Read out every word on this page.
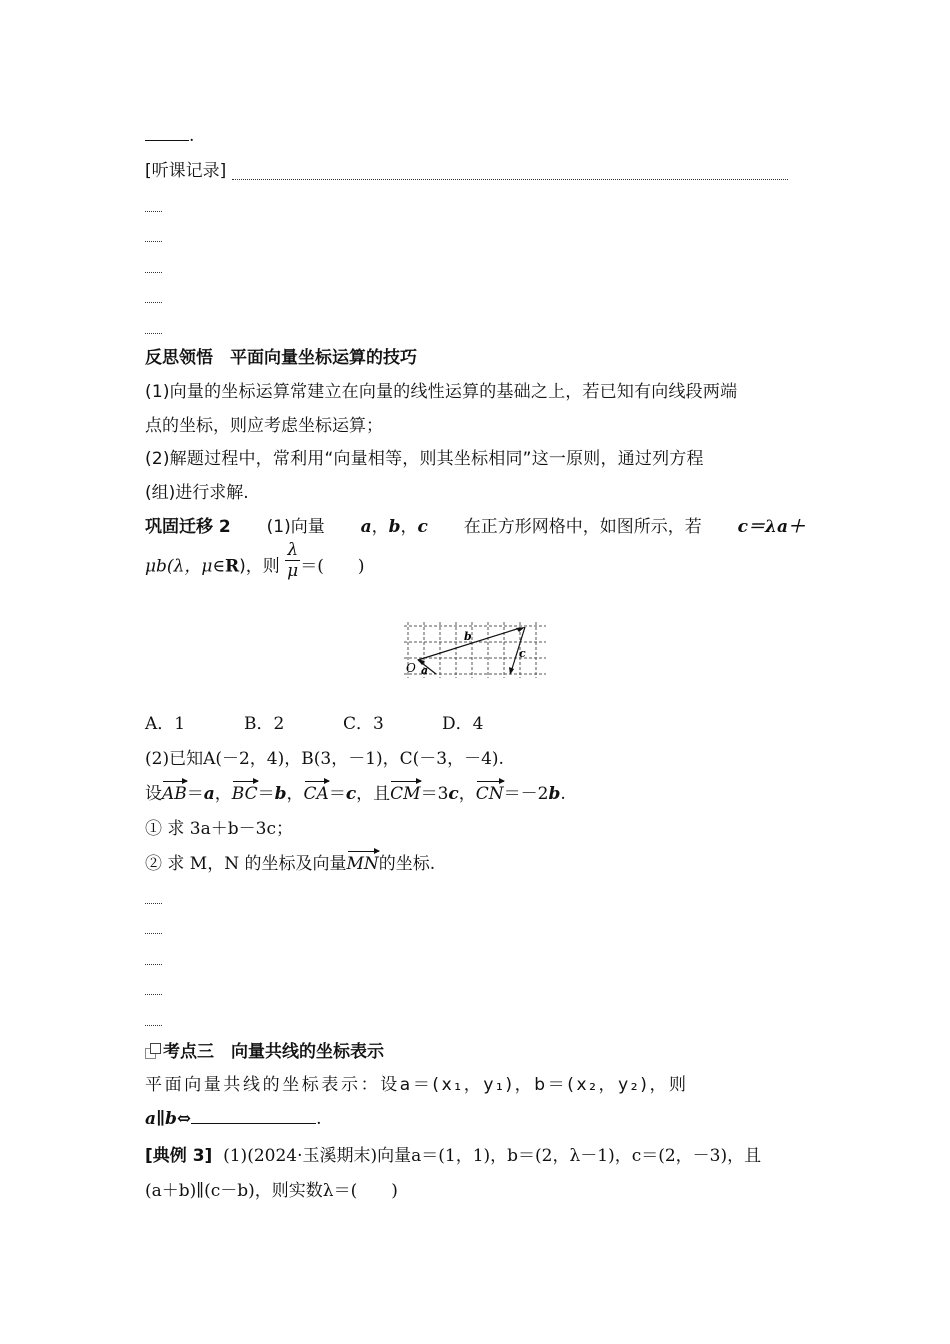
.
[听课记录]
反思领悟　平面向量坐标运算的技巧
(1)向量的坐标运算常建立在向量的线性运算的基础之上，若已知有向线段两端
点的坐标，则应考虑坐标运算；
(2)解题过程中，常利用“向量相等，则其坐标相同”这一原则，通过列方程
(组)进行求解.
巩固迁移 2 (1)向量 a，b，c 在正方形网格中，如图所示，若 c＝λa＋
μb(λ，μ∈R)，则 $\frac{\lambda}{\mu}$ ＝(　　)
O a
b
c
A．1	B．2	C．3	D．4
(2)已知A(－2，4)，B(3，－1)，C(－3，－4).
设AB＝a，BC＝b，CA＝c，且CM＝3c，CN＝－2b.
① 求 3a＋b－3c；
② 求 M，N 的坐标及向量MN的坐标.
考点三　向量共线的坐标表示
平面向量共线的坐标表示：设a＝(x₁，y₁)，b＝(x₂，y₂)，则
a∥b⇔	.
[典例 3] (1)(2024·玉溪期末)向量a＝(1，1)，b＝(2，λ－1)，c＝(2，－3)，且
(a＋b)∥(c－b)，则实数λ＝(　　)
